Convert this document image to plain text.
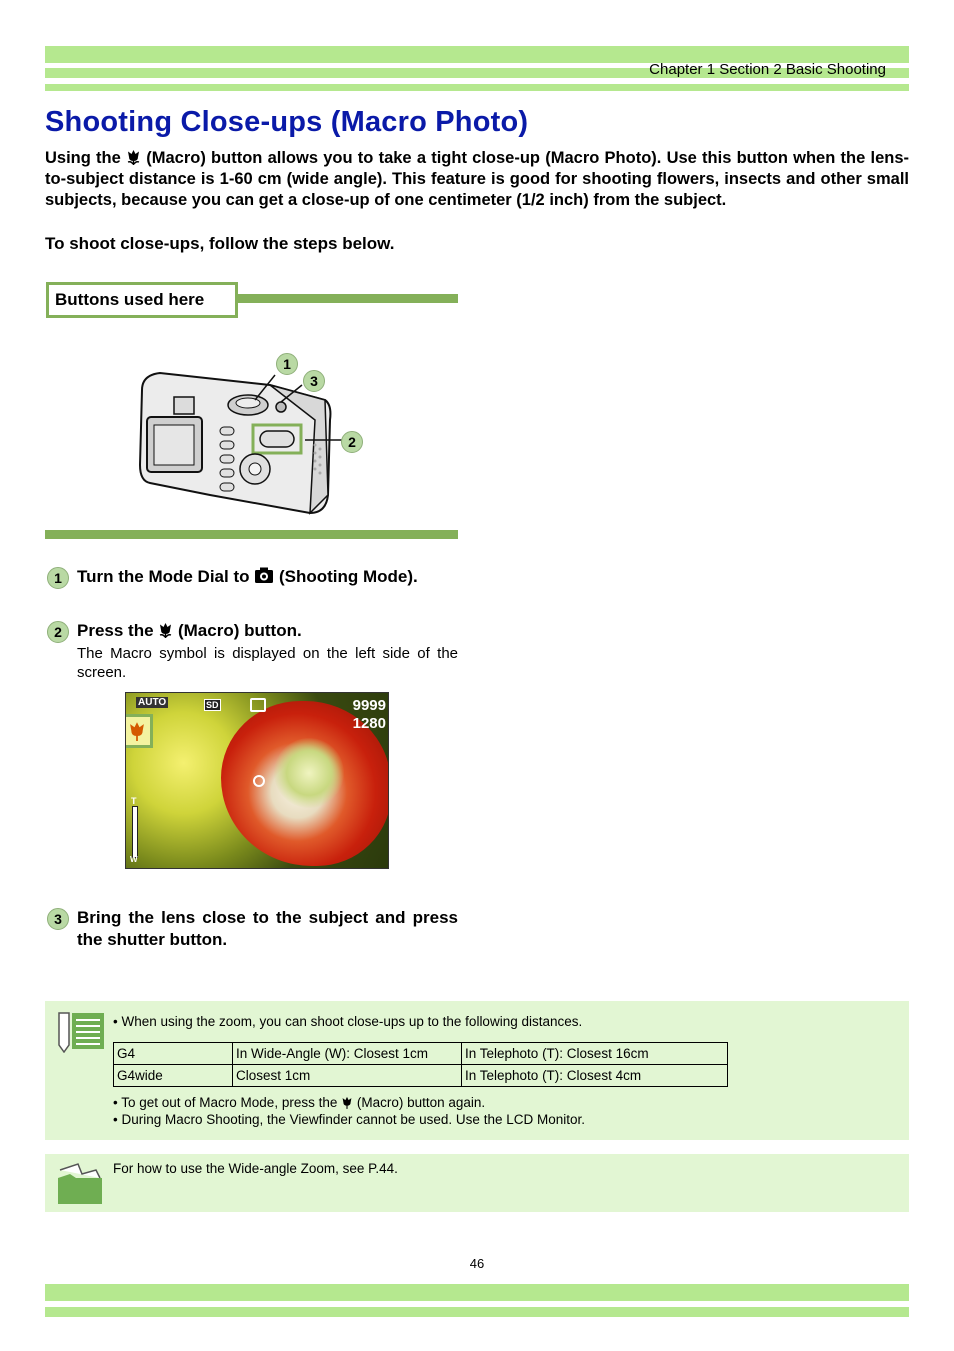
Chapter 1 Section 2 Basic Shooting
Shooting Close-ups (Macro Photo)
Using the  (Macro) button allows you to take a tight close-up (Macro Photo). Use this button when the lens-to-subject distance is 1-60 cm (wide angle). This feature is good for shooting flowers, insects and other small subjects, because you can get a close-up of one centimeter (1/2 inch) from the subject.
To shoot close-ups, follow the steps below.
Buttons used here
1
3
2
1 Turn the Mode Dial to  (Shooting Mode).
2 Press the  (Macro) button.
The Macro symbol is displayed on the left side of the screen.
AUTO	SD	9999
1280
T
W
3 Bring the lens close to the subject and press the shutter button.
• When using the zoom, you can shoot close-ups up to the following distances.
G4	In Wide-Angle (W): Closest 1cm	In Telephoto (T): Closest 16cm
G4wide	Closest 1cm	In Telephoto (T): Closest 4cm
• To get out of Macro Mode, press the  (Macro) button again.
• During Macro Shooting, the Viewfinder cannot be used. Use the LCD Monitor.
For how to use the Wide-angle Zoom, see P.44.
46
